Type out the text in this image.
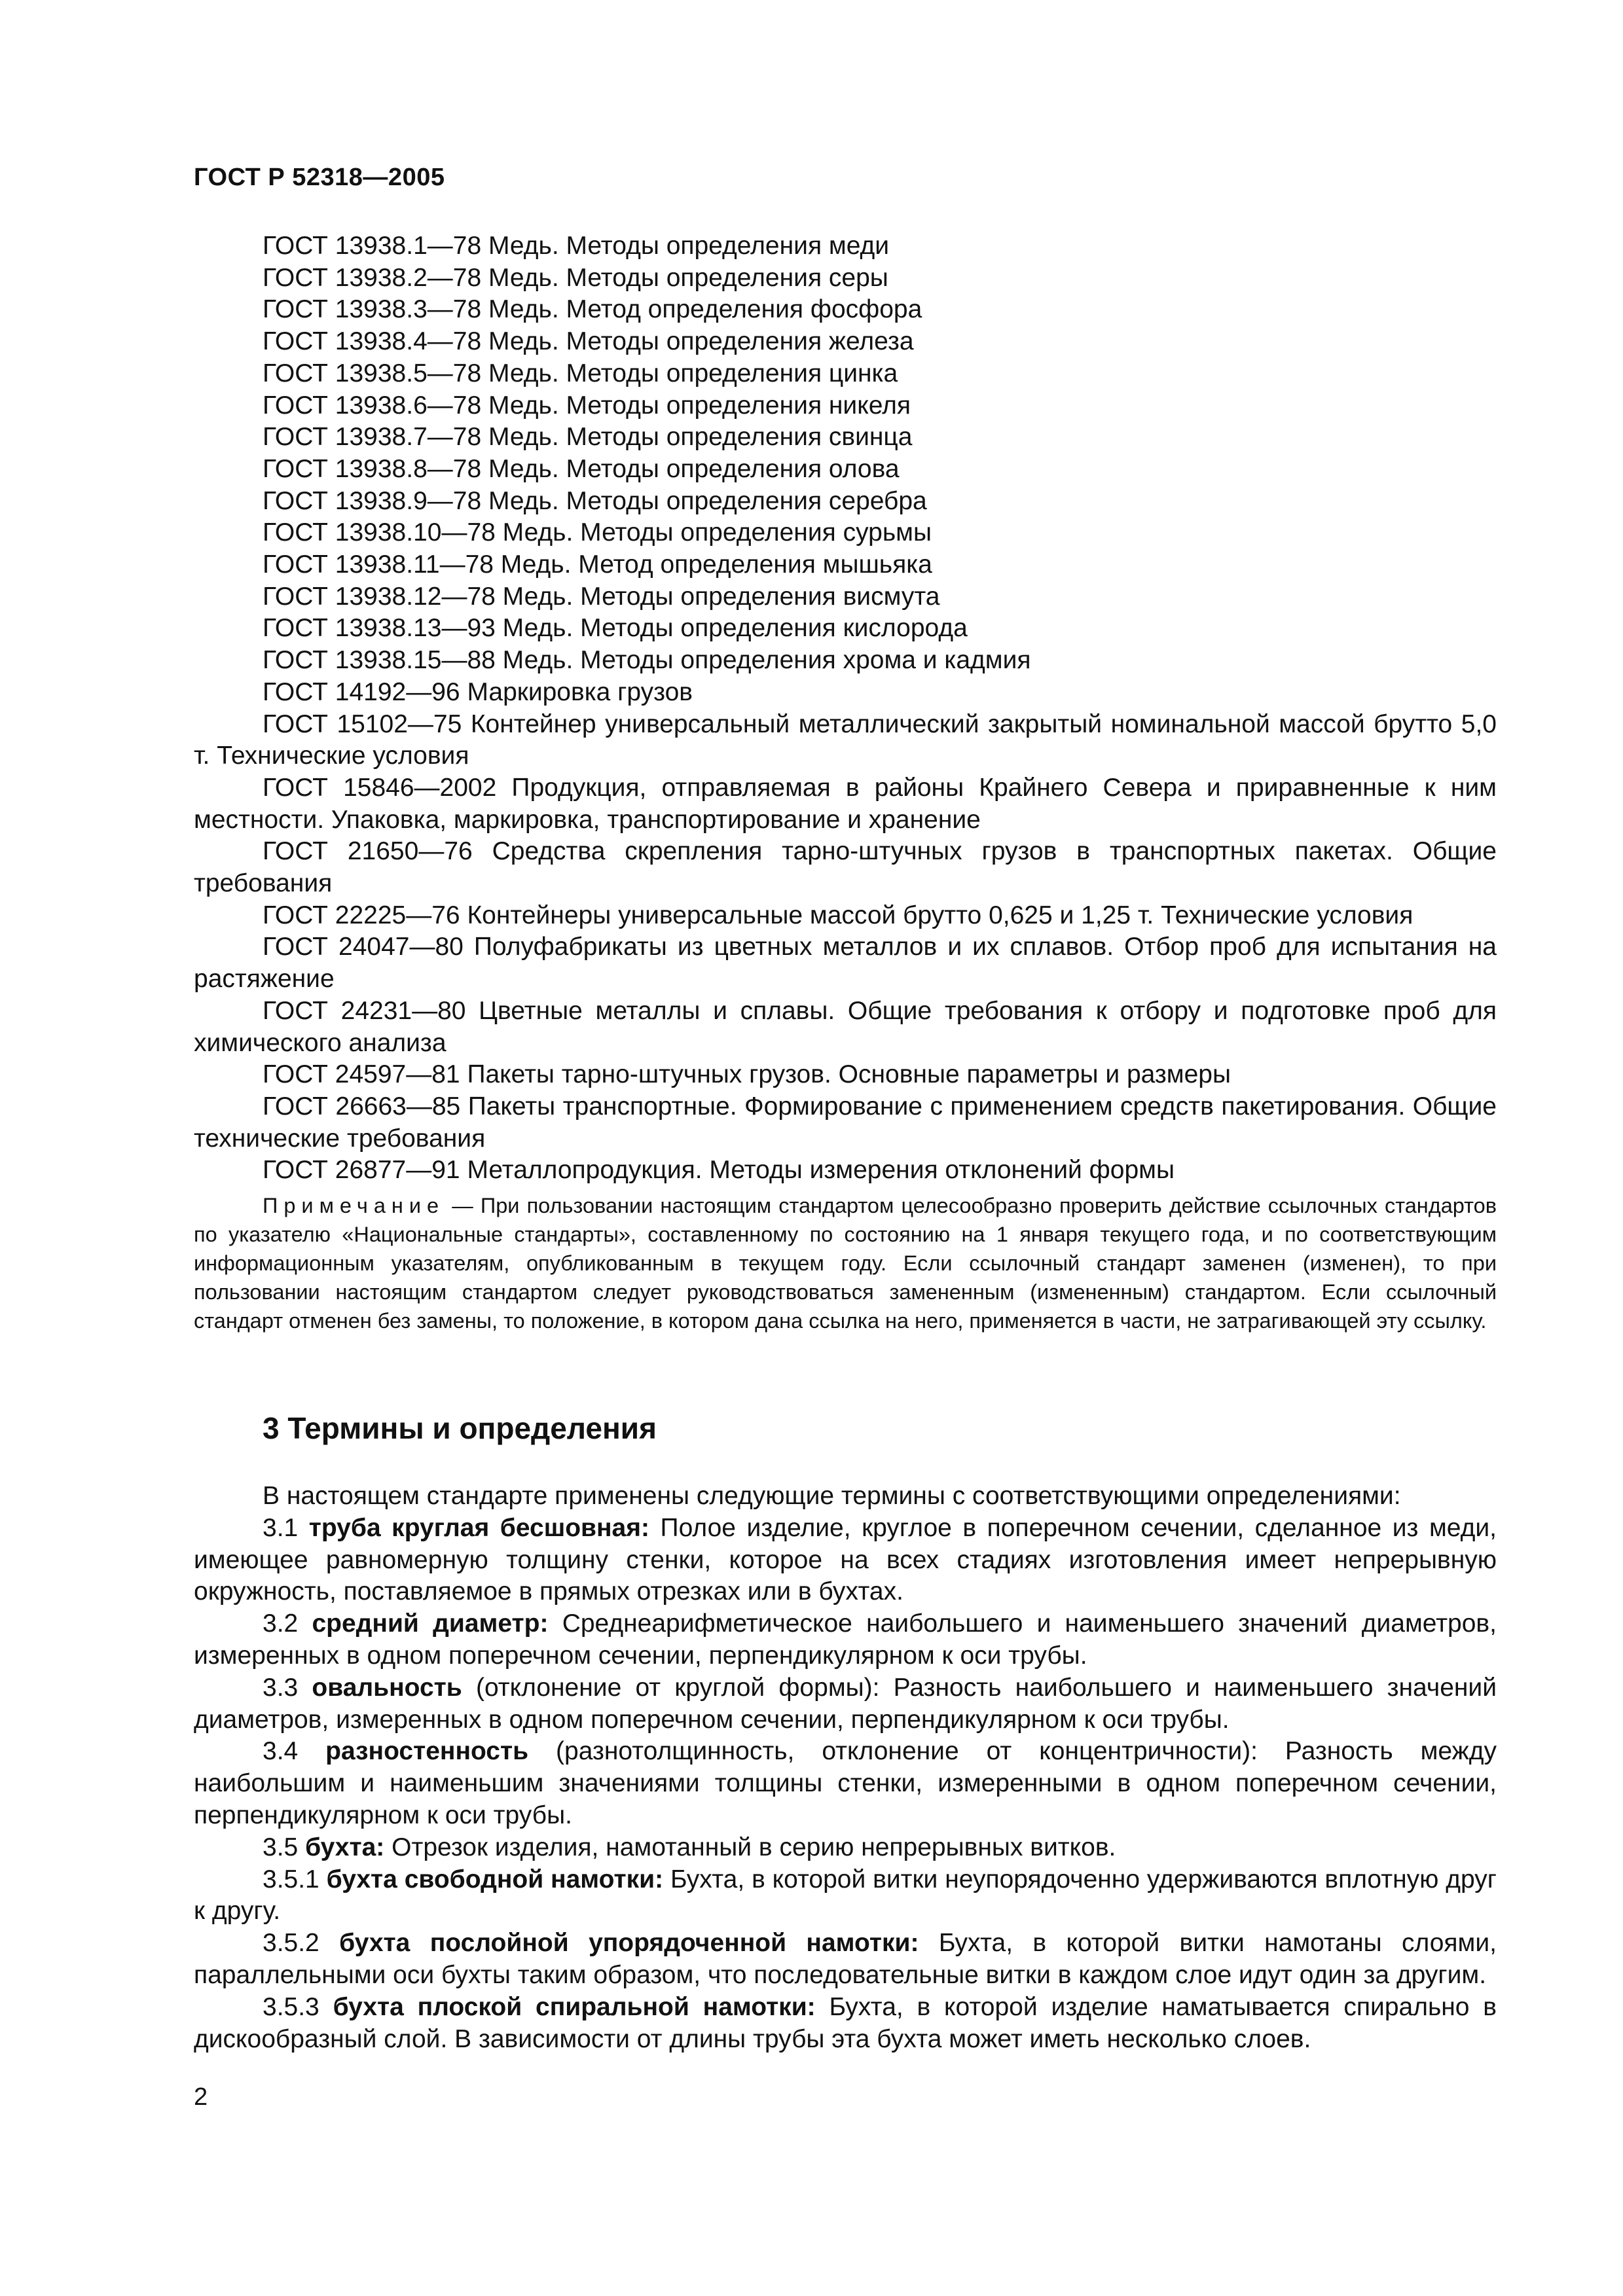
ГОСТ Р 52318—2005

ГОСТ 13938.1—78 Медь. Методы определения меди

ГОСТ 13938.2—78 Медь. Методы определения серы

ГОСТ 13938.3—78 Медь. Метод определения фосфора

ГОСТ 13938.4—78 Медь. Методы определения железа

ГОСТ 13938.5—78 Медь. Методы определения цинка

ГОСТ 13938.6—78 Медь. Методы определения никеля

ГОСТ 13938.7—78 Медь. Методы определения свинца

ГОСТ 13938.8—78 Медь. Методы определения олова

ГОСТ 13938.9—78 Медь. Методы определения серебра

ГОСТ 13938.10—78 Медь. Методы определения сурьмы

ГОСТ 13938.11—78 Медь. Метод определения мышьяка

ГОСТ 13938.12—78 Медь. Методы определения висмута

ГОСТ 13938.13—93 Медь. Методы определения кислорода

ГОСТ 13938.15—88 Медь. Методы определения хрома и кадмия

ГОСТ 14192—96 Маркировка грузов

ГОСТ 15102—75 Контейнер универсальный металлический закрытый номинальной массой брутто 5,0 т. Технические условия

ГОСТ 15846—2002 Продукция, отправляемая в районы Крайнего Севера и приравненные к ним местности. Упаковка, маркировка, транспортирование и хранение

ГОСТ 21650—76 Средства скрепления тарно-штучных грузов в транспортных пакетах. Общие требования

ГОСТ 22225—76 Контейнеры универсальные массой брутто 0,625 и 1,25 т. Технические условия

ГОСТ 24047—80 Полуфабрикаты из цветных металлов и их сплавов. Отбор проб для испытания на растяжение

ГОСТ 24231—80 Цветные металлы и сплавы. Общие требования к отбору и подготовке проб для химического анализа

ГОСТ 24597—81 Пакеты тарно-штучных грузов. Основные параметры и размеры

ГОСТ 26663—85 Пакеты транспортные. Формирование с применением средств пакетирования. Общие технические требования

ГОСТ 26877—91 Металлопродукция. Методы измерения отклонений формы

Примечание — При пользовании настоящим стандартом целесообразно проверить действие ссылочных стандартов по указателю «Национальные стандарты», составленному по состоянию на 1 января текущего года, и по соответствующим информационным указателям, опубликованным в текущем году. Если ссылочный стандарт заменен (изменен), то при пользовании настоящим стандартом следует руководствоваться замененным (измененным) стандартом. Если ссылочный стандарт отменен без замены, то положение, в котором дана ссылка на него, применяется в части, не затрагивающей эту ссылку.
3 Термины и определения

В настоящем стандарте применены следующие термины с соответствующими определениями:

3.1 труба круглая бесшовная: Полое изделие, круглое в поперечном сечении, сделанное из меди, имеющее равномерную толщину стенки, которое на всех стадиях изготовления имеет непрерывную окружность, поставляемое в прямых отрезках или в бухтах.

3.2 средний диаметр: Среднеарифметическое наибольшего и наименьшего значений диаметров, измеренных в одном поперечном сечении, перпендикулярном к оси трубы.

3.3 овальность (отклонение от круглой формы): Разность наибольшего и наименьшего значений диаметров, измеренных в одном поперечном сечении, перпендикулярном к оси трубы.

3.4 разностенность (разнотолщинность, отклонение от концентричности): Разность между наибольшим и наименьшим значениями толщины стенки, измеренными в одном поперечном сечении, перпендикулярном к оси трубы.

3.5 бухта: Отрезок изделия, намотанный в серию непрерывных витков.

3.5.1 бухта свободной намотки: Бухта, в которой витки неупорядоченно удерживаются вплотную друг к другу.

3.5.2 бухта послойной упорядоченной намотки: Бухта, в которой витки намотаны слоями, параллельными оси бухты таким образом, что последовательные витки в каждом слое идут один за другим.

3.5.3 бухта плоской спиральной намотки: Бухта, в которой изделие наматывается спирально в дискообразный слой. В зависимости от длины трубы эта бухта может иметь несколько слоев.

2
